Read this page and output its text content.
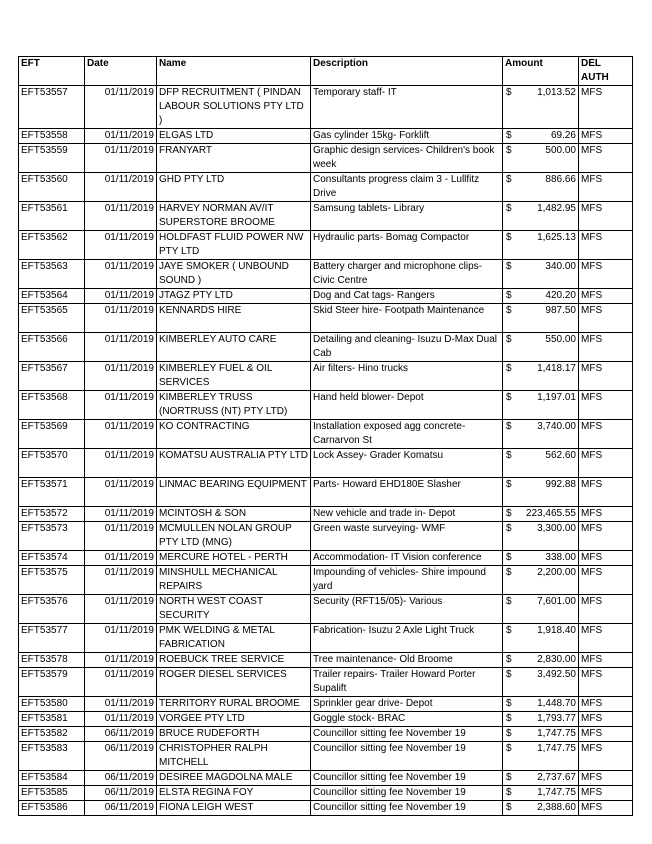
EFT	Date	Name	Description	Amount	DEL AUTH
EFT53557	01/11/2019	DFP RECRUITMENT ( PINDAN LABOUR SOLUTIONS PTY LTD )	Temporary staff- IT	$ 1,013.52	MFS
EFT53558	01/11/2019	ELGAS LTD	Gas cylinder 15kg- Forklift	$ 69.26	MFS
EFT53559	01/11/2019	FRANYART	Graphic design services- Children's book week	$ 500.00	MFS
EFT53560	01/11/2019	GHD PTY LTD	Consultants progress claim 3 - Lullfitz Drive	$ 886.66	MFS
EFT53561	01/11/2019	HARVEY NORMAN AV/IT SUPERSTORE BROOME	Samsung tablets- Library	$ 1,482.95	MFS
EFT53562	01/11/2019	HOLDFAST FLUID POWER NW PTY LTD	Hydraulic parts- Bomag Compactor	$ 1,625.13	MFS
EFT53563	01/11/2019	JAYE SMOKER ( UNBOUND SOUND )	Battery charger and microphone clips- Civic Centre	$ 340.00	MFS
EFT53564	01/11/2019	JTAGZ PTY LTD	Dog and Cat tags- Rangers	$ 420.20	MFS
EFT53565	01/11/2019	KENNARDS HIRE	Skid Steer hire- Footpath Maintenance	$ 987.50	MFS
EFT53566	01/11/2019	KIMBERLEY AUTO CARE	Detailing and cleaning- Isuzu D-Max Dual Cab	$ 550.00	MFS
EFT53567	01/11/2019	KIMBERLEY FUEL & OIL SERVICES	Air filters- Hino trucks	$ 1,418.17	MFS
EFT53568	01/11/2019	KIMBERLEY TRUSS (NORTRUSS (NT) PTY LTD)	Hand held blower- Depot	$ 1,197.01	MFS
EFT53569	01/11/2019	KO CONTRACTING	Installation exposed agg concrete- Carnarvon St	$ 3,740.00	MFS
EFT53570	01/11/2019	KOMATSU AUSTRALIA PTY LTD	Lock Assey- Grader Komatsu	$ 562.60	MFS
EFT53571	01/11/2019	LINMAC BEARING EQUIPMENT	Parts- Howard EHD180E Slasher	$ 992.88	MFS
EFT53572	01/11/2019	MCINTOSH & SON	New vehicle and trade in- Depot	$ 223,465.55	MFS
EFT53573	01/11/2019	MCMULLEN NOLAN GROUP PTY LTD (MNG)	Green waste surveying- WMF	$ 3,300.00	MFS
EFT53574	01/11/2019	MERCURE HOTEL - PERTH	Accommodation- IT Vision conference	$ 338.00	MFS
EFT53575	01/11/2019	MINSHULL MECHANICAL REPAIRS	Impounding of vehicles- Shire impound yard	$ 2,200.00	MFS
EFT53576	01/11/2019	NORTH WEST COAST SECURITY	Security (RFT15/05)- Various	$ 7,601.00	MFS
EFT53577	01/11/2019	PMK WELDING & METAL FABRICATION	Fabrication- Isuzu 2 Axle Light Truck	$ 1,918.40	MFS
EFT53578	01/11/2019	ROEBUCK TREE SERVICE	Tree maintenance- Old Broome	$ 2,830.00	MFS
EFT53579	01/11/2019	ROGER DIESEL SERVICES	Trailer repairs- Trailer Howard Porter Supalift	$ 3,492.50	MFS
EFT53580	01/11/2019	TERRITORY RURAL BROOME	Sprinkler gear drive- Depot	$ 1,448.70	MFS
EFT53581	01/11/2019	VORGEE PTY LTD	Goggle stock- BRAC	$ 1,793.77	MFS
EFT53582	06/11/2019	BRUCE RUDEFORTH	Councillor sitting fee November 19	$ 1,747.75	MFS
EFT53583	06/11/2019	CHRISTOPHER RALPH MITCHELL	Councillor sitting fee November 19	$ 1,747.75	MFS
EFT53584	06/11/2019	DESIREE MAGDOLNA MALE	Councillor sitting fee November 19	$ 2,737.67	MFS
EFT53585	06/11/2019	ELSTA REGINA FOY	Councillor sitting fee November 19	$ 1,747.75	MFS
EFT53586	06/11/2019	FIONA LEIGH WEST	Councillor sitting fee November 19	$ 2,388.60	MFS
